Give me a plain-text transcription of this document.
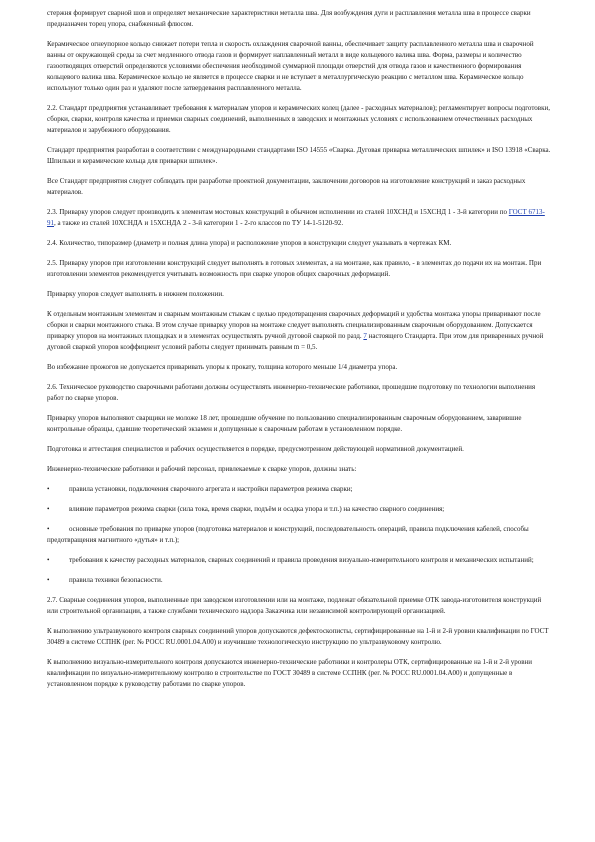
стержня формирует сварной шов и определяет механические характеристики металла шва. Для возбуждения дуги и расплавления металла шва в процессе сварки предназначен торец упора, снабженный флюсом.

Керамическое огнеупорное кольцо снижает потери тепла и скорость охлаждения сварочной ванны, обеспечивает защиту расплавленного металла шва и сварочной ванны от окружающей среды за счет медленного отвода газов и формирует наплавленный металл в виде кольцевого валика шва. Форма, размеры и количество газоотводящих отверстий определяются условиями обеспечения необходимой суммарной площади отверстий для отвода газов и качественного формирования кольцевого валика шва. Керамическое кольцо не является в процессе сварки и не вступает в металлургическую реакцию с металлом шва. Керамическое кольцо используют только один раз и удаляют после затвердевания расплавленного металла.

2.2. Стандарт предприятия устанавливает требования к материалам упоров и керамических колец (далее - расходных материалов); регламентирует вопросы подготовки, сборки, сварки, контроля качества и приемки сварных соединений, выполненных в заводских и монтажных условиях с использованием отечественных расходных материалов и зарубежного оборудования.

Стандарт предприятия разработан в соответствии с международными стандартами ISO 14555 «Сварка. Дуговая приварка металлических шпилек» и ISO 13918 «Сварка. Шпильки и керамические кольца для приварки шпилек».

Все Стандарт предприятия следует соблюдать при разработке проектной документации, заключении договоров на изготовление конструкций и заказ расходных материалов.

2.3. Приварку упоров следует производить к элементам мостовых конструкций в обычном исполнении из сталей 10ХСНД и 15ХСНД 1 - 3-й категории по ГОСТ 6713-91, а также из сталей 10ХСНДА и 15ХСНДА 2 - 3-й категории 1 - 2-го классов по ТУ 14-1-5120-92.

2.4. Количество, типоразмер (диаметр и полная длина упора) и расположение упоров в конструкции следует указывать в чертежах КМ.

2.5. Приварку упоров при изготовлении конструкций следует выполнять в готовых элементах, а на монтаже, как правило, - в элементах до подачи их на монтаж. При изготовлении элементов рекомендуется учитывать возможность при сварке упоров общих сварочных деформаций.

Приварку упоров следует выполнять в нижнем положении.

К отдельным монтажным элементам и сварным монтажным стыкам с целью предотвращения сварочных деформаций и удобства монтажа упоры приваривают после сборки и сварки монтажного стыка. В этом случае приварку упоров на монтаже следует выполнять специализированным сварочным оборудованием. Допускается приварку упоров на монтажных площадках и в элементах осуществлять ручной дуговой сваркой по разд. 7 настоящего Стандарта. При этом для приваренных ручной дуговой сваркой упоров коэффициент условий работы следует принимать равным m = 0,5.

Во избежание прожогов не допускается приваривать упоры к прокату, толщина которого меньше 1/4 диаметра упора.

2.6. Техническое руководство сварочными работами должны осуществлять инженерно-технические работники, прошедшие подготовку по технологии выполнения работ по сварке упоров.

Приварку упоров выполняют сварщики не моложе 18 лет, прошедшие обучение по пользованию специализированным сварочным оборудованием, заварившие контрольные образцы, сдавшие теоретический экзамен и допущенные к сварочным работам в установленном порядке.

Подготовка и аттестация специалистов и рабочих осуществляется в порядке, предусмотренном действующей нормативной документацией.

Инженерно-технические работники и рабочий персонал, привлекаемые к сварке упоров, должны знать:

•	правила установки, подключения сварочного агрегата и настройки параметров режима сварки;
•	влияние параметров режима сварки (сила тока, время сварки, подъём и осадка упора и т.п.) на качество сварного соединения;
•	основные требования по приварке упоров (подготовка материалов и конструкций, последовательность операций, правила подключения кабелей, способы предотвращения магнитного «дутья» и т.п.);
•	требования к качеству расходных материалов, сварных соединений и правила проведения визуально-измерительного контроля и механических испытаний;
•	правила техники безопасности.

2.7. Сварные соединения упоров, выполненные при заводском изготовлении или на монтаже, подлежат обязательной приемке ОТК завода-изготовителя конструкций или строительной организации, а также службами технического надзора Заказчика или независимой контролирующей организацией.

К выполнению ультразвукового контроля сварных соединений упоров допускаются дефектоскописты, сертифицированные на 1-й и 2-й уровни квалификации по ГОСТ 30489 в системе ССПНК (рег. № РОСС RU.0001.04.А00) и изучившие технологическую инструкцию по ультразвуковому контролю.

К выполнению визуально-измерительного контроля допускаются инженерно-технические работники и контролеры ОТК, сертифицированные на 1-й и 2-й уровни квалификации по визуально-измерительному контролю в строительстве по ГОСТ 30489 в системе ССПНК (рег. № РОСС RU.0001.04.А00) и допущенные в установленном порядке к руководству работами по сварке упоров.
